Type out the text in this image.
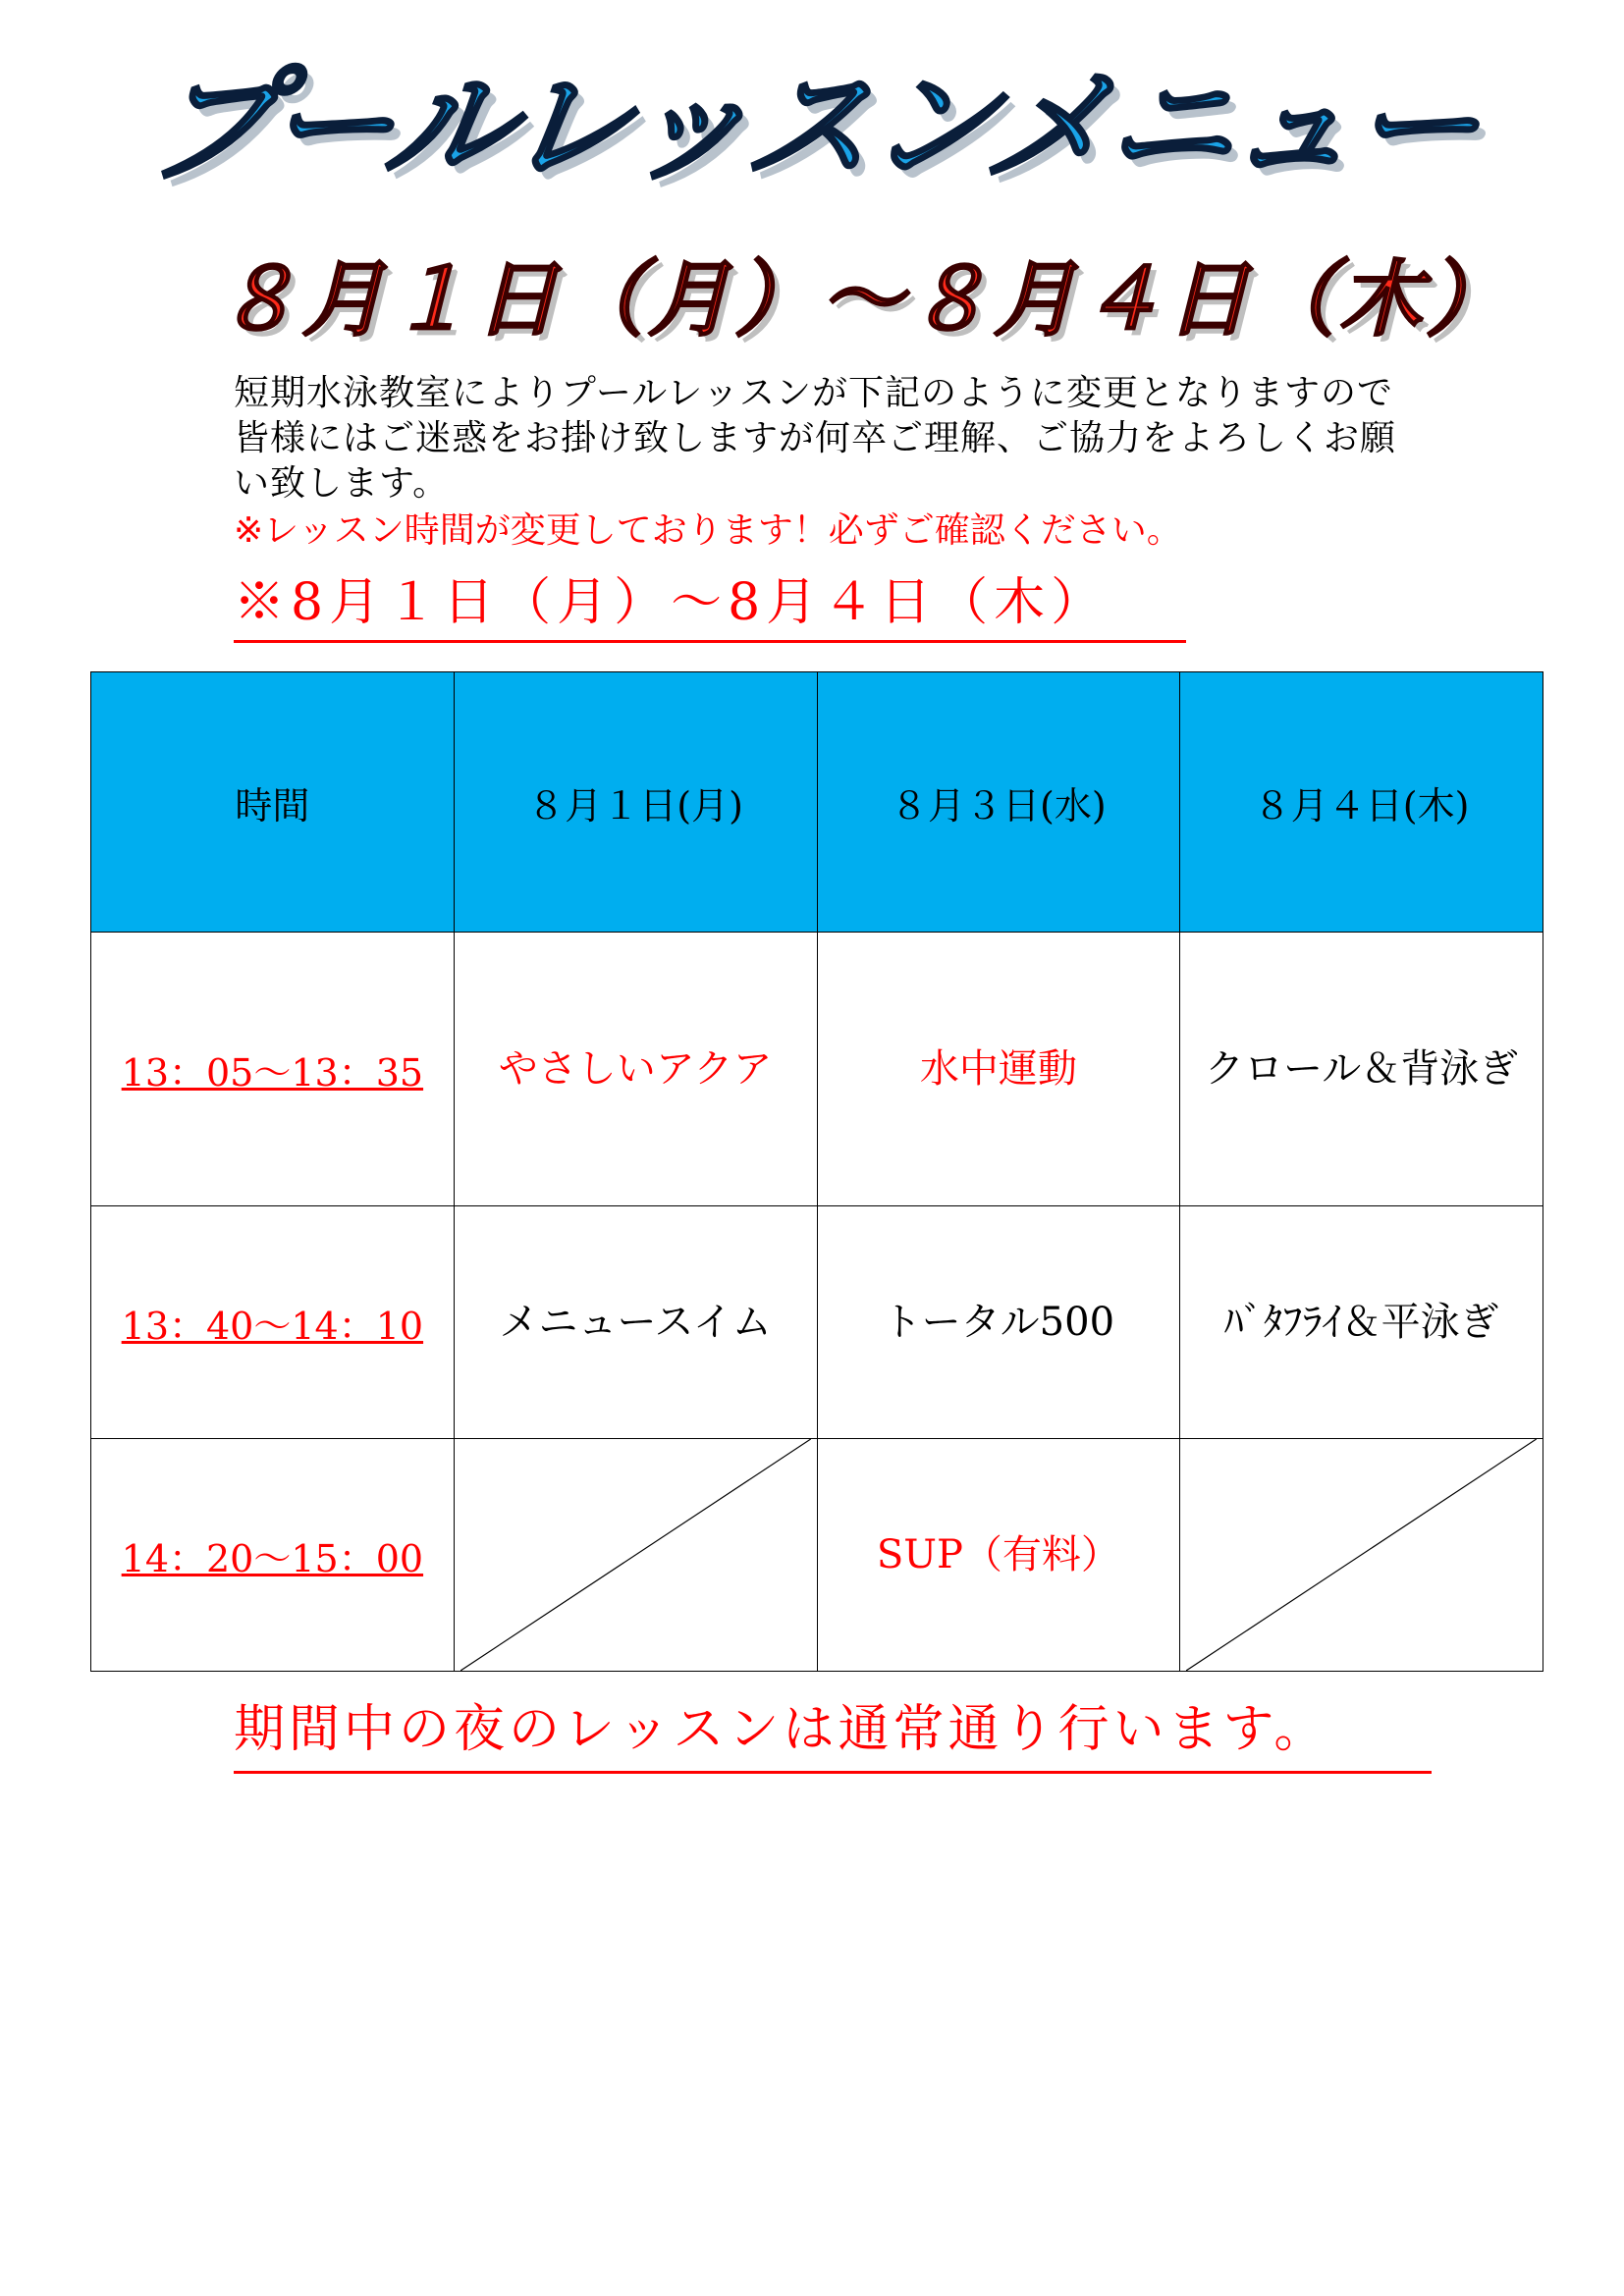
プールレッスンメニュー
８月１日（月）～８月４日（木）
短期水泳教室によりプールレッスンが下記のように変更となりますので皆様にはご迷惑をお掛け致しますが何卒ご理解、ご協力をよろしくお願い致します。
※レッスン時間が変更しております！必ずご確認ください。
※8月１日（月）～8月４日（木）
時間	８月１日(月)	８月３日(水)	８月４日(木)
13：05～13：35	やさしいアクア	水中運動	クロール＆背泳ぎ
13：40～14：10	メニュースイム	トータル500	ﾊﾞﾀﾌﾗｲ＆平泳ぎ
14：20～15：00		SUP（有料）	
期間中の夜のレッスンは通常通り行います。
